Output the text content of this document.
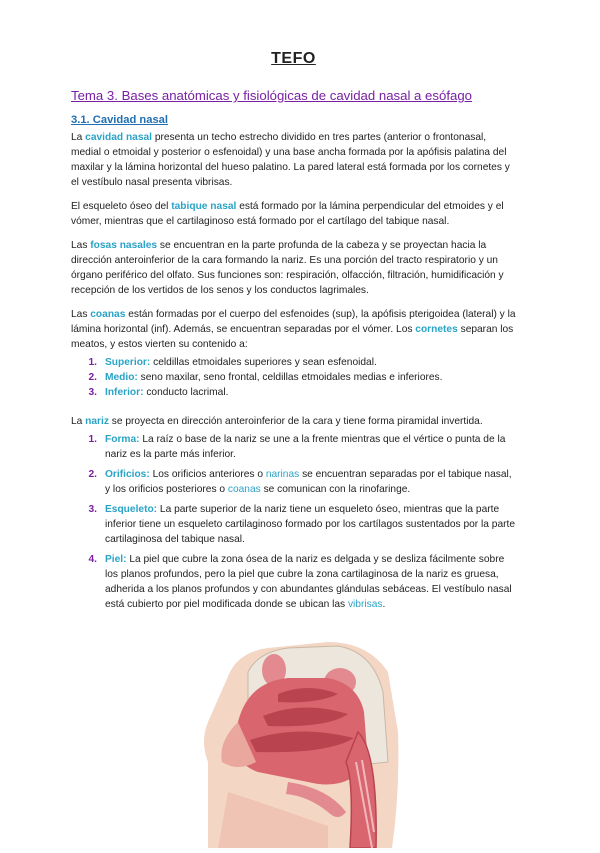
TEFO
Tema 3. Bases anatómicas y fisiológicas de cavidad nasal a esófago
3.1. Cavidad nasal

La cavidad nasal presenta un techo estrecho dividido en tres partes (anterior o frontonasal, medial o etmoidal y posterior o esfenoidal) y una base ancha formada por la apófisis palatina del maxilar y la lámina horizontal del hueso palatino. La pared lateral está formada por los cornetes y el vestíbulo nasal presenta vibrisas.

El esqueleto óseo del tabique nasal está formado por la lámina perpendicular del etmoides y el vómer, mientras que el cartilaginoso está formado por el cartílago del tabique nasal.

Las fosas nasales se encuentran en la parte profunda de la cabeza y se proyectan hacia la dirección anteroinferior de la cara formando la nariz. Es una porción del tracto respiratorio y un órgano periférico del olfato. Sus funciones son: respiración, olfacción, filtración, humidificación y recepción de los vertidos de los senos y los conductos lagrimales.

Las coanas están formadas por el cuerpo del esfenoides (sup), la apófisis pterigoidea (lateral) y la lámina horizontal (inf). Además, se encuentran separadas por el vómer. Los cornetes separan los meatos, y estos vierten su contenido a:

1. Superior: celdillas etmoidales superiores y sean esfenoidal.
2. Medio: seno maxilar, seno frontal, celdillas etmoidales medias e inferiores.
3. Inferior: conducto lacrimal.

La nariz se proyecta en dirección anteroinferior de la cara y tiene forma piramidal invertida.

1. Forma: La raíz o base de la nariz se une a la frente mientras que el vértice o punta de la nariz es la parte más inferior.
2. Orificios: Los orificios anteriores o narinas se encuentran separadas por el tabique nasal, y los orificios posteriores o coanas se comunican con la rinofaringe.
3. Esqueleto: La parte superior de la nariz tiene un esqueleto óseo, mientras que la parte inferior tiene un esqueleto cartilaginoso formado por los cartílagos sustentados por la parte cartilaginosa del tabique nasal.
4. Piel: La piel que cubre la zona ósea de la nariz es delgada y se desliza fácilmente sobre los planos profundos, pero la piel que cubre la zona cartilaginosa de la nariz es gruesa, adherida a los planos profundos y con abundantes glándulas sebáceas. El vestíbulo nasal está cubierto por piel modificada donde se ubican las vibrisas.
